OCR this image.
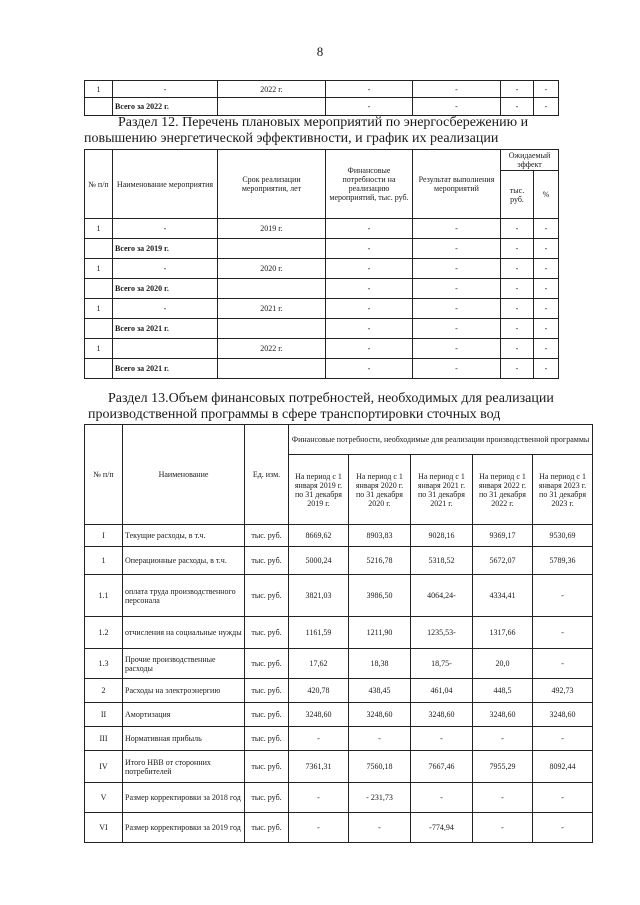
8
1	-	2022 г.	-	-	-	-
	Всего за 2022 г.		-	-	-	-
Раздел 12. Перечень плановых мероприятий по энергосбережению и
повышению энергетической эффективности, и график их реализации
№ п/п	Наименование мероприятия	Срок реализации мероприятия, лет	Финансовые потребности на реализацию мероприятий, тыс. руб.	Результат выполнения мероприятий	Ожидаемый эффект	
					тыс. руб.	%
1	-	2019 г.	-	-	-	-
	Всего за 2019 г.		-	-	-	-
1	-	2020 г.	-	-	-	-
	Всего за 2020 г.		-	-	-	-
1	-	2021 г.	-	-	-	-
	Всего за 2021 г.		-	-	-	-
1		2022 г.	-	-	-	-
	Всего за 2021 г.		-	-	-	-
Раздел 13.Объем финансовых потребностей, необходимых для реализации
производственной программы в сфере транспортировки сточных вод
№ п/п	Наименование	Ед. изм.	Финансовые потребности, необходимые для реализации производственной программы				
			На период с 1 января 2019 г. по 31 декабря 2019 г.	На период с 1 января 2020 г. по 31 декабря 2020 г.	На период с 1 января 2021 г. по 31 декабря 2021 г.	На период с 1 января 2022 г. по 31 декабря 2022 г.	На период с 1 января 2023 г. по 31 декабря 2023 г.
I	Текущие расходы, в т.ч.	тыс. руб.	8669,62	8903,83	9028,16	9369,17	9530,69
1	Операционные расходы, в т.ч.	тыс. руб.	5000,24	5216,78	5318,52	5672,07	5789,36
1.1	оплата труда производственного персонала	тыс. руб.	3821,03	3986,50	4064,24-	4334,41	-
1.2	отчисления на социальные нужды	тыс. руб.	1161,59	1211,90	1235,53-	1317,66	-
1.3	Прочие производственные расходы	тыс. руб.	17,62	18,38	18,75-	20,0	-
2	Расходы на электроэнергию	тыс. руб.	420,78	438,45	461,04	448,5	492,73
II	Амортизация	тыс. руб.	3248,60	3248,60	3248,60	3248,60	3248,60
III	Нормативная прибыль	тыс. руб.	-	-	-	-	-
IV	Итого НВВ от сторонних потребителей	тыс. руб.	7361,31	7560,18	7667,46	7955,29	8092,44
V	Размер корректировки за 2018 год	тыс. руб.	-	- 231,73	-	-	-
VI	Размер корректировки за 2019 год	тыс. руб.	-	-	-774,94	-	-
